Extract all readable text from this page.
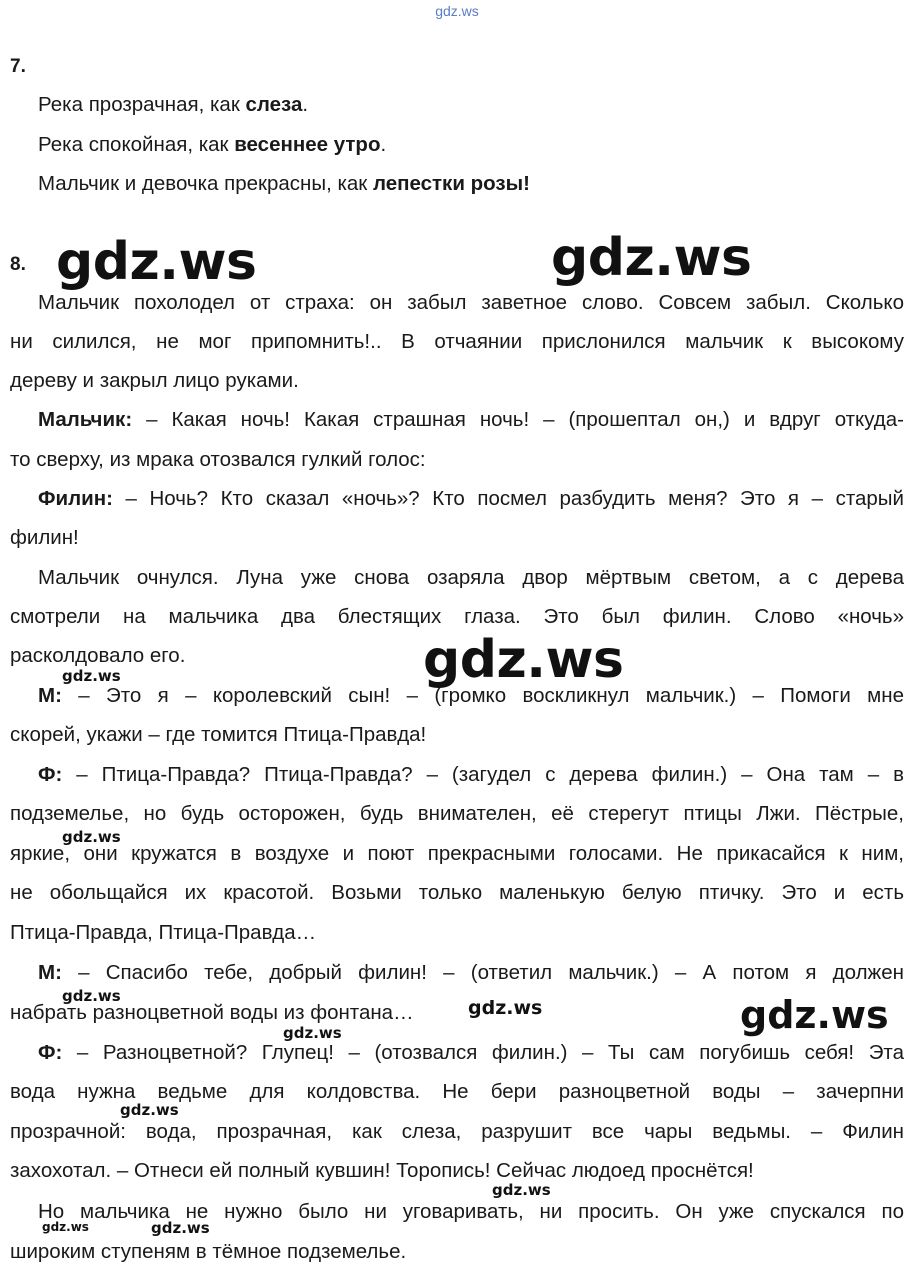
gdz.ws
7.
Река прозрачная, как слеза.
Река спокойная, как весеннее утро.
Мальчик и девочка прекрасны, как лепестки розы!
8.
Мальчик похолодел от страха: он забыл заветное слово. Совсем забыл. Сколько
ни силился, не мог припомнить!.. В отчаянии прислонился мальчик к высокому
дереву и закрыл лицо руками.
Мальчик: – Какая ночь! Какая страшная ночь! – (прошептал он,) и вдруг откуда-
то сверху, из мрака отозвался гулкий голос:
Филин: – Ночь? Кто сказал «ночь»? Кто посмел разбудить меня? Это я – старый
филин!
Мальчик очнулся. Луна уже снова озаряла двор мёртвым светом, а с дерева
смотрели на мальчика два блестящих глаза. Это был филин. Слово «ночь»
расколдовало его.
М: – Это я – королевский сын! – (громко воскликнул мальчик.) – Помоги мне
скорей, укажи – где томится Птица-Правда!
Ф: – Птица-Правда? Птица-Правда? – (загудел с дерева филин.) – Она там – в
подземелье, но будь осторожен, будь внимателен, её стерегут птицы Лжи. Пёстрые,
яркие, они кружатся в воздухе и поют прекрасными голосами. Не прикасайся к ним,
не обольщайся их красотой. Возьми только маленькую белую птичку. Это и есть
Птица-Правда, Птица-Правда…
М: – Спасибо тебе, добрый филин! – (ответил мальчик.) – А потом я должен
набрать разноцветной воды из фонтана…
Ф: – Разноцветной? Глупец! – (отозвался филин.) – Ты сам погубишь себя! Эта
вода нужна ведьме для колдовства. Не бери разноцветной воды – зачерпни
прозрачной: вода, прозрачная, как слеза, разрушит все чары ведьмы. – Филин
захохотал. – Отнеси ей полный кувшин! Торопись! Сейчас людоед проснётся!
Но мальчика не нужно было ни уговаривать, ни просить. Он уже спускался по
широким ступеням в тёмное подземелье.
gdz.ws	gdz.ws
gdz.ws
gdz.ws
gdz.ws
gdz.ws
gdz.ws
gdz.ws
gdz.ws
gdz.ws
gdz.ws
gdz.ws	gdz.ws
